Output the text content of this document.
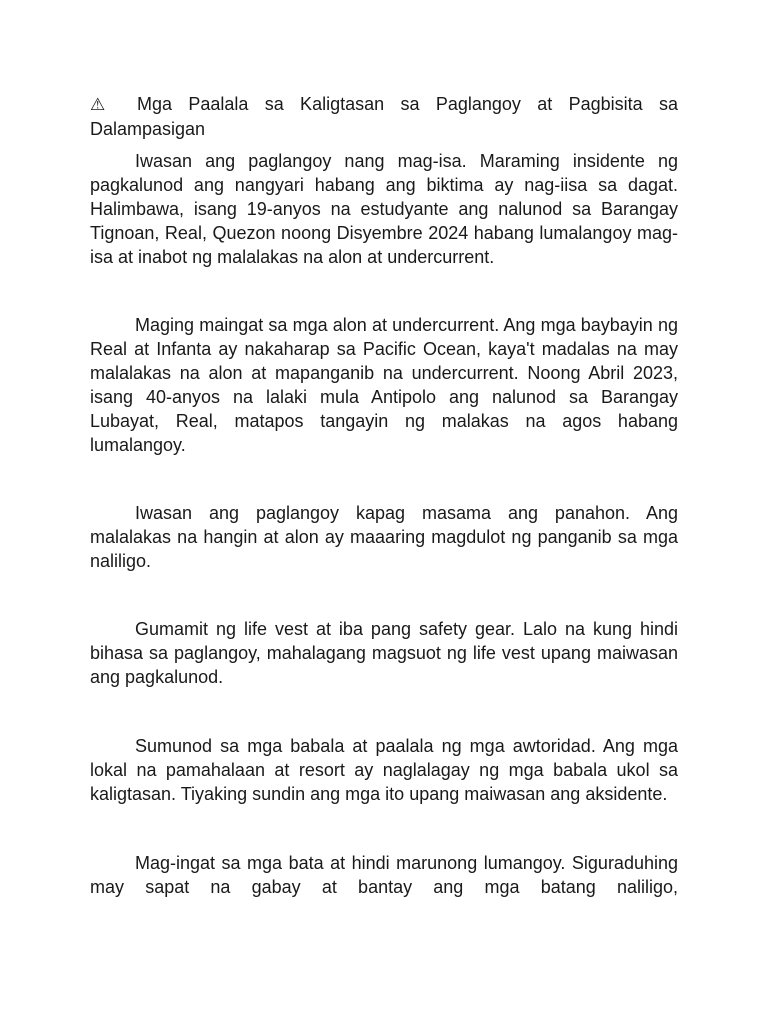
⚠ Mga Paalala sa Kaligtasan sa Paglangoy at Pagbisita sa Dalampasigan

Iwasan ang paglangoy nang mag-isa. Maraming insidente ng pagkalunod ang nangyari habang ang biktima ay nag-iisa sa dagat. Halimbawa, isang 19-anyos na estudyante ang nalunod sa Barangay Tignoan, Real, Quezon noong Disyembre 2024 habang lumalangoy mag-isa at inabot ng malalakas na alon at undercurrent.

Maging maingat sa mga alon at undercurrent. Ang mga baybayin ng Real at Infanta ay nakaharap sa Pacific Ocean, kaya't madalas na may malalakas na alon at mapanganib na undercurrent. Noong Abril 2023, isang 40-anyos na lalaki mula Antipolo ang nalunod sa Barangay Lubayat, Real, matapos tangayin ng malakas na agos habang lumalangoy.

Iwasan ang paglangoy kapag masama ang panahon. Ang malalakas na hangin at alon ay maaaring magdulot ng panganib sa mga naliligo.

Gumamit ng life vest at iba pang safety gear. Lalo na kung hindi bihasa sa paglangoy, mahalagang magsuot ng life vest upang maiwasan ang pagkalunod.

Sumunod sa mga babala at paalala ng mga awtoridad. Ang mga lokal na pamahalaan at resort ay naglalagay ng mga babala ukol sa kaligtasan. Tiyaking sundin ang mga ito upang maiwasan ang aksidente.

Mag-ingat sa mga bata at hindi marunong lumangoy. Siguraduhing may sapat na gabay at bantay ang mga batang naliligo,
